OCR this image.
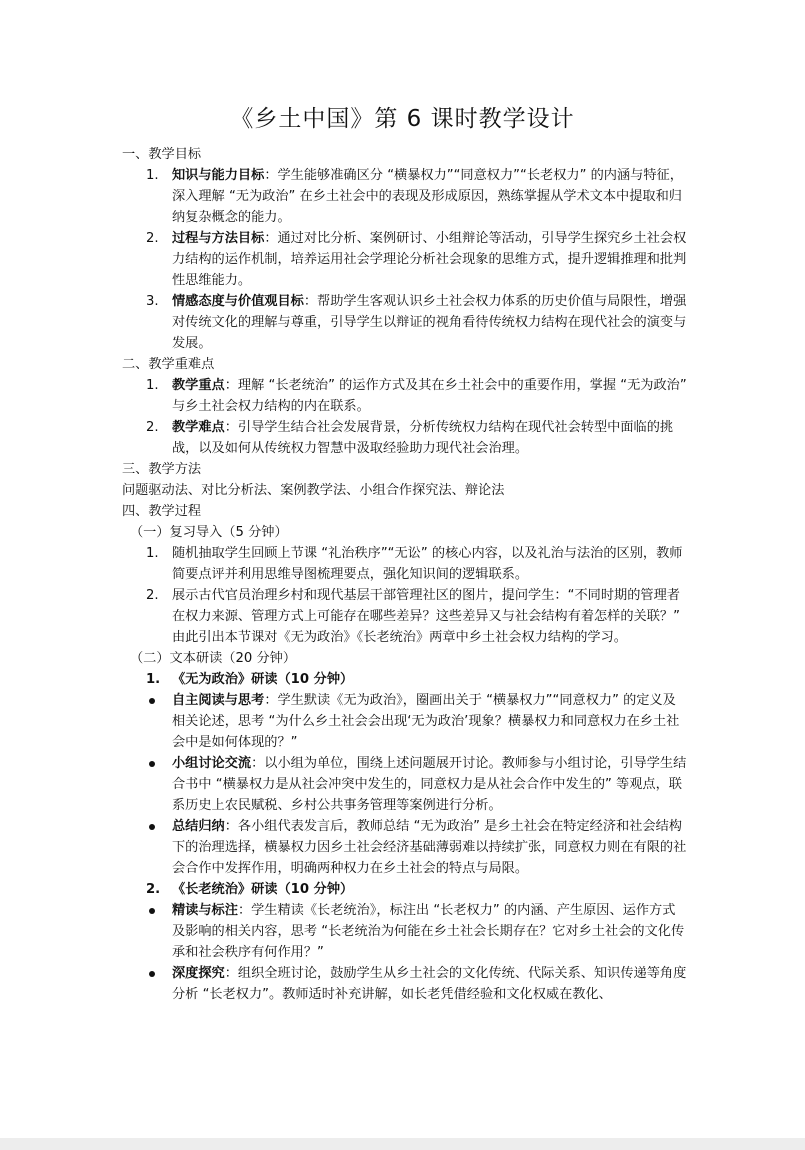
《乡土中国》第 6 课时教学设计

一、教学目标

1. 知识与能力目标：学生能够准确区分 “横暴权力”“同意权力”“长老权力” 的内涵与特征，深入理解 “无为政治” 在乡土社会中的表现及形成原因，熟练掌握从学术文本中提取和归纳复杂概念的能力。
2. 过程与方法目标：通过对比分析、案例研讨、小组辩论等活动，引导学生探究乡土社会权力结构的运作机制，培养运用社会学理论分析社会现象的思维方式，提升逻辑推理和批判性思维能力。
3. 情感态度与价值观目标：帮助学生客观认识乡土社会权力体系的历史价值与局限性，增强对传统文化的理解与尊重，引导学生以辩证的视角看待传统权力结构在现代社会的演变与发展。

二、教学重难点

1. 教学重点：理解 “长老统治” 的运作方式及其在乡土社会中的重要作用，掌握 “无为政治” 与乡土社会权力结构的内在联系。
2. 教学难点：引导学生结合社会发展背景，分析传统权力结构在现代社会转型中面临的挑战，以及如何从传统权力智慧中汲取经验助力现代社会治理。

三、教学方法

问题驱动法、对比分析法、案例教学法、小组合作探究法、辩论法

四、教学过程

（一）复习导入（5 分钟）

1. 随机抽取学生回顾上节课 “礼治秩序”“无讼” 的核心内容，以及礼治与法治的区别，教师简要点评并利用思维导图梳理要点，强化知识间的逻辑联系。
2. 展示古代官员治理乡村和现代基层干部管理社区的图片，提问学生：“不同时期的管理者在权力来源、管理方式上可能存在哪些差异？这些差异又与社会结构有着怎样的关联？” 由此引出本节课对《无为政治》《长老统治》两章中乡土社会权力结构的学习。

（二）文本研读（20 分钟）

1. 《无为政治》研读（10 分钟）
自主阅读与思考：学生默读《无为政治》，圈画出关于 “横暴权力”“同意权力” 的定义及相关论述，思考 “为什么乡土社会会出现‘无为政治’现象？横暴权力和同意权力在乡土社会中是如何体现的？”
小组讨论交流：以小组为单位，围绕上述问题展开讨论。教师参与小组讨论，引导学生结合书中 “横暴权力是从社会冲突中发生的，同意权力是从社会合作中发生的” 等观点，联系历史上农民赋税、乡村公共事务管理等案例进行分析。
总结归纳：各小组代表发言后，教师总结 “无为政治” 是乡土社会在特定经济和社会结构下的治理选择，横暴权力因乡土社会经济基础薄弱难以持续扩张，同意权力则在有限的社会合作中发挥作用，明确两种权力在乡土社会的特点与局限。
2. 《长老统治》研读（10 分钟）
精读与标注：学生精读《长老统治》，标注出 “长老权力” 的内涵、产生原因、运作方式及影响的相关内容，思考 “长老统治为何能在乡土社会长期存在？它对乡土社会的文化传承和社会秩序有何作用？”
深度探究：组织全班讨论，鼓励学生从乡土社会的文化传统、代际关系、知识传递等角度分析 “长老权力”。教师适时补充讲解，如长老凭借经验和文化权威在教化、
